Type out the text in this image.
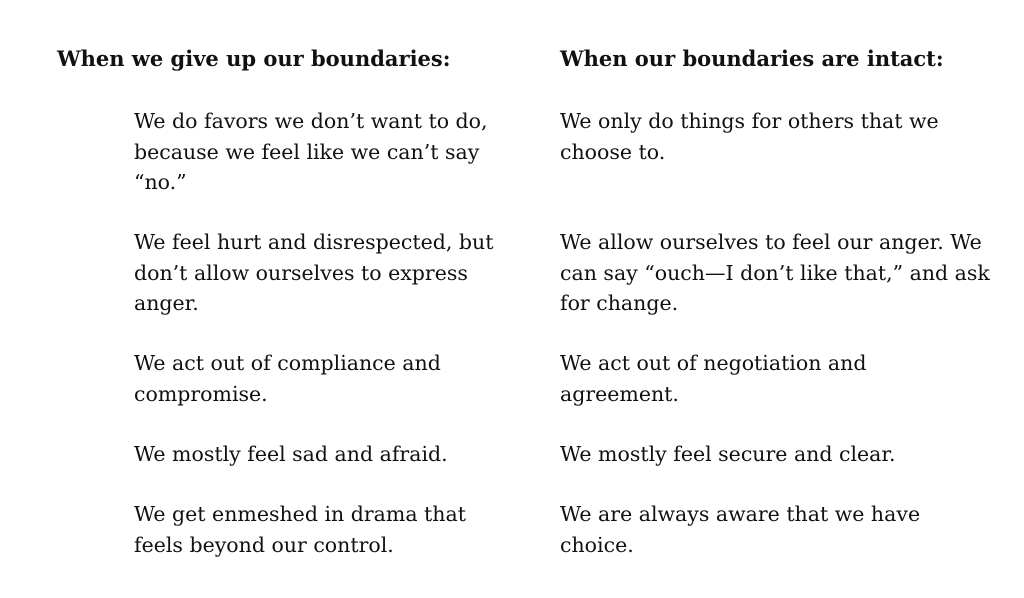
When we give up our boundaries:

We do favors we don’t want to do, because we feel like we can’t say “no.”

We feel hurt and disrespected, but don’t allow ourselves to express anger.

We act out of compliance and compromise.

We mostly feel sad and afraid.

We get enmeshed in drama that feels beyond our control.

When our boundaries are intact:

We only do things for others that we choose to.

We allow ourselves to feel our anger. We can say “ouch—I don’t like that,” and ask for change.

We act out of negotiation and agreement.

We mostly feel secure and clear.

We are always aware that we have choice.
